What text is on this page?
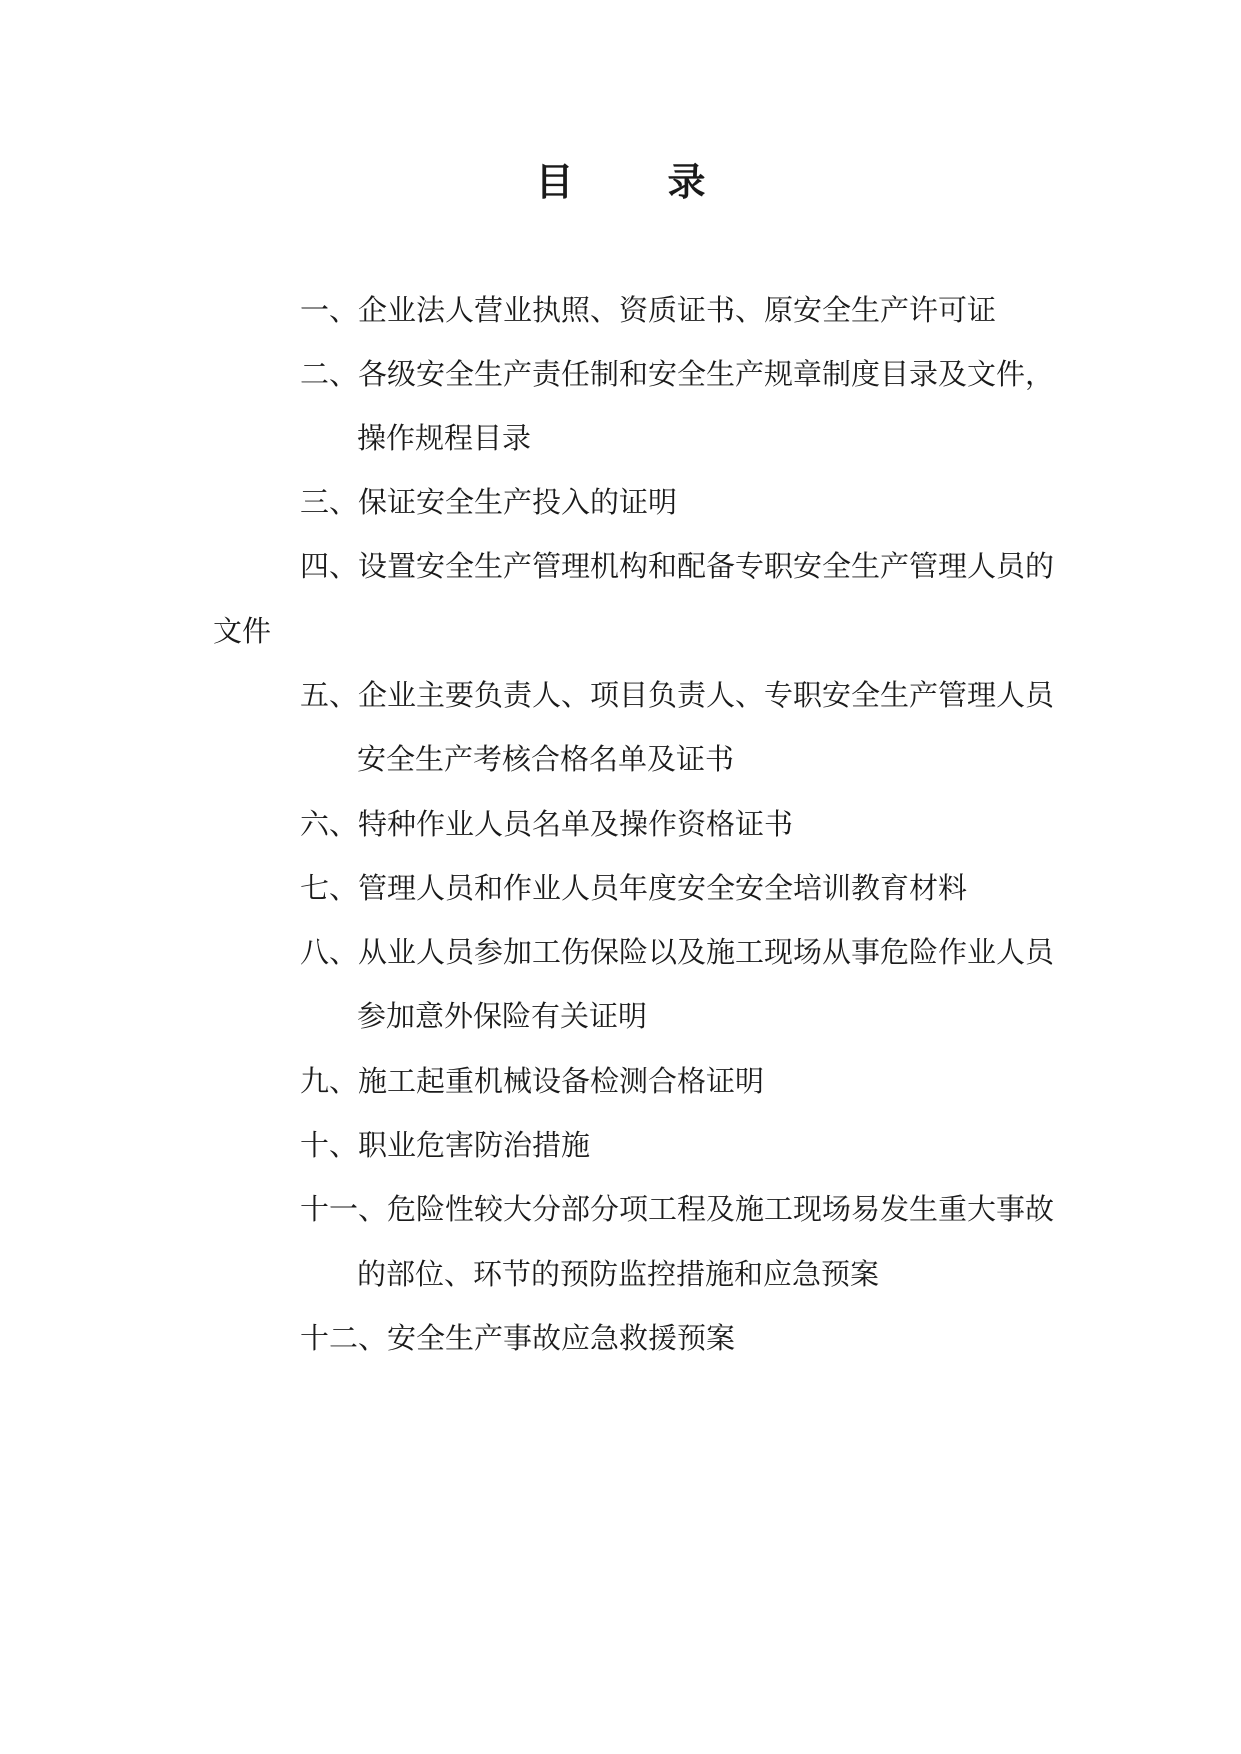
目 录
一、企业法人营业执照、资质证书、原安全生产许可证
二、各级安全生产责任制和安全生产规章制度目录及文件，
操作规程目录
三、保证安全生产投入的证明
四、设置安全生产管理机构和配备专职安全生产管理人员的
文件
五、企业主要负责人、项目负责人、专职安全生产管理人员
安全生产考核合格名单及证书
六、特种作业人员名单及操作资格证书
七、管理人员和作业人员年度安全安全培训教育材料
八、从业人员参加工伤保险以及施工现场从事危险作业人员
参加意外保险有关证明
九、施工起重机械设备检测合格证明
十、职业危害防治措施
十一、危险性较大分部分项工程及施工现场易发生重大事故
的部位、环节的预防监控措施和应急预案
十二、安全生产事故应急救援预案
